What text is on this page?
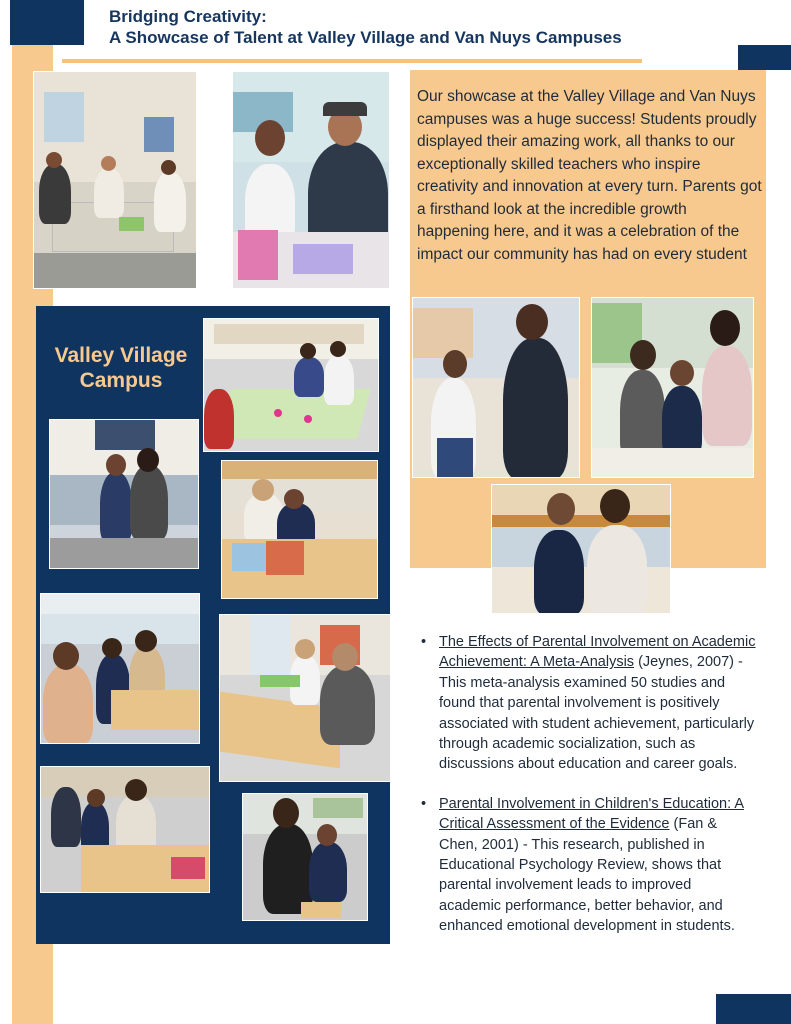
Bridging Creativity:
A Showcase of Talent at Valley Village and Van Nuys Campuses

Our showcase at the Valley Village and Van Nuys campuses was a huge success! Students proudly displayed their amazing work, all thanks to our exceptionally skilled teachers who inspire creativity and innovation at every turn. Parents got a firsthand look at the incredible growth happening here, and it was a celebration of the impact our community has had on every student

Valley Village
Campus
• The Effects of Parental Involvement on Academic Achievement: A Meta-Analysis (Jeynes, 2007) - This meta-analysis examined 50 studies and found that parental involvement is positively associated with student achievement, particularly through academic socialization, such as discussions about education and career goals.
• Parental Involvement in Children's Education: A Critical Assessment of the Evidence (Fan & Chen, 2001) - This research, published in Educational Psychology Review, shows that parental involvement leads to improved academic performance, better behavior, and enhanced emotional development in students.
